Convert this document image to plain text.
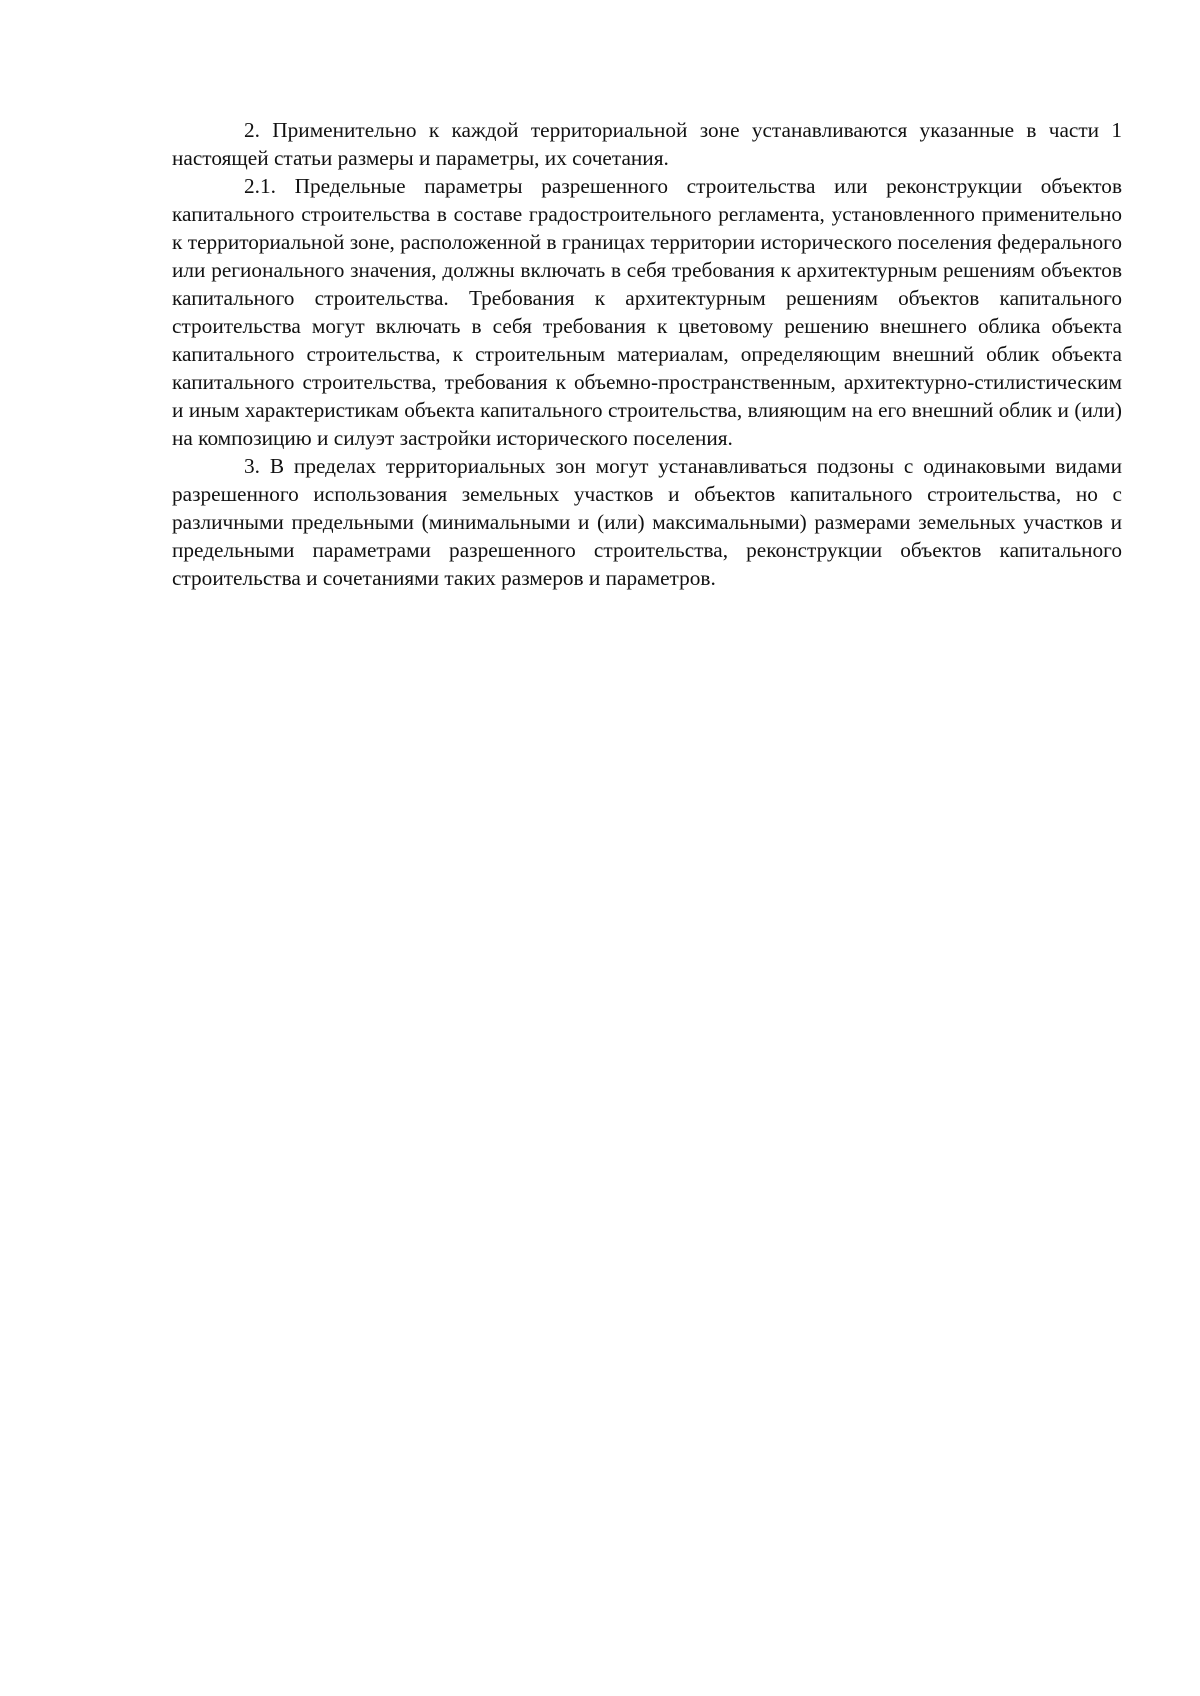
2. Применительно к каждой территориальной зоне устанавливаются указанные в части 1 настоящей статьи размеры и параметры, их сочетания.

2.1. Предельные параметры разрешенного строительства или реконструкции объектов капитального строительства в составе градостроительного регламента, установленного применительно к территориальной зоне, расположенной в границах территории исторического поселения федерального или регионального значения, должны включать в себя требования к архитектурным решениям объектов капитального строительства. Требования к архитектурным решениям объектов капитального строительства могут включать в себя требования к цветовому решению внешнего облика объекта капитального строительства, к строительным материалам, определяющим внешний облик объекта капитального строительства, требования к объемно-пространственным, архитектурно-стилистическим и иным характеристикам объекта капитального строительства, влияющим на его внешний облик и (или) на композицию и силуэт застройки исторического поселения.

3. В пределах территориальных зон могут устанавливаться подзоны с одинаковыми видами разрешенного использования земельных участков и объектов капитального строительства, но с различными предельными (минимальными и (или) максимальными) размерами земельных участков и предельными параметрами разрешенного строительства, реконструкции объектов капитального строительства и сочетаниями таких размеров и параметров.
